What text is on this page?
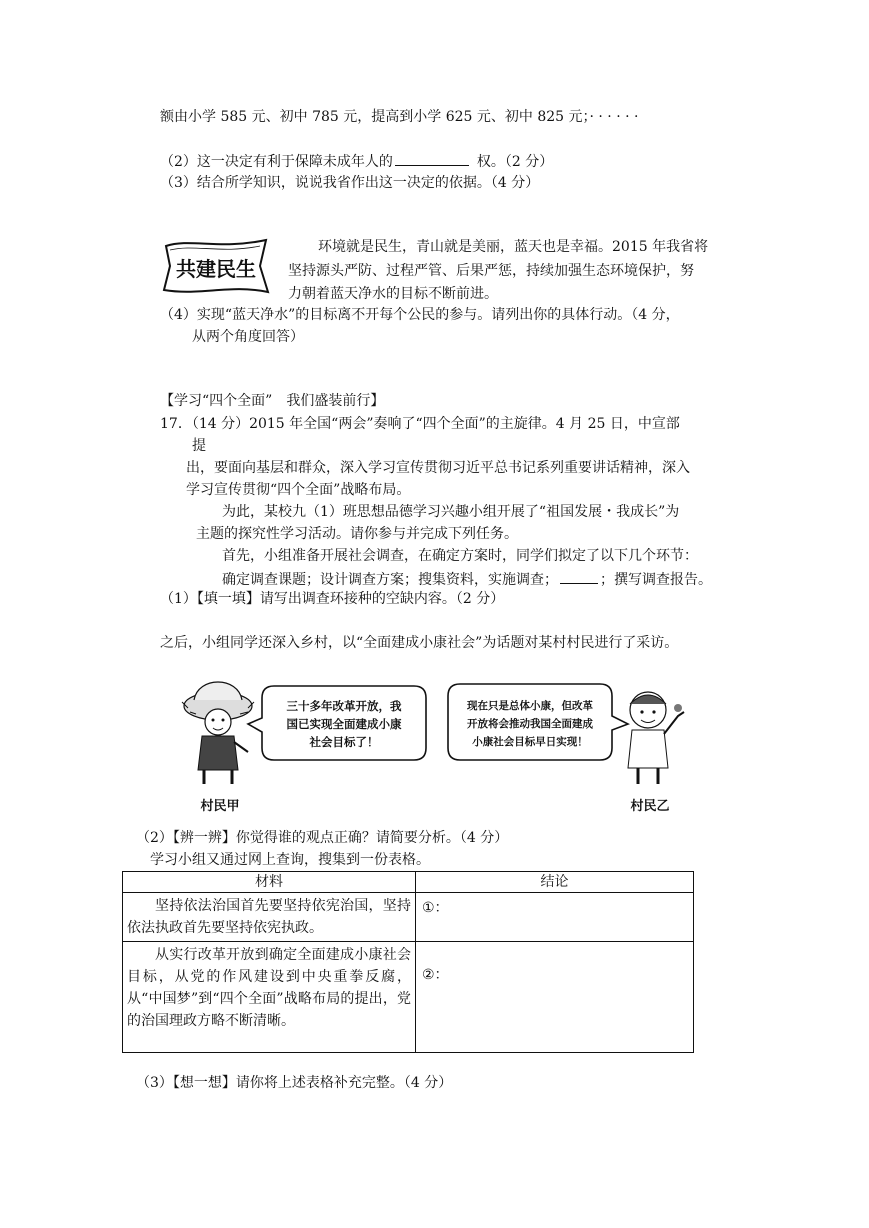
额由小学 585 元、初中 785 元，提高到小学 625 元、初中 825 元；· · · · · ·
（2）这一决定有利于保障未成年人的	权。（2 分）
（3）结合所学知识，说说我省作出这一决定的依据。（4 分）
共建民生
环境就是民生，青山就是美丽，蓝天也是幸福。2015 年我省将
坚持源头严防、过程严管、后果严惩，持续加强生态环境保护，努
力朝着蓝天净水的目标不断前进。
（4）实现“蓝天净水”的目标离不开每个公民的参与。请列出你的具体行动。（4 分，
从两个角度回答）
【学习“四个全面”　我们盛装前行】
17．（14 分）2015 年全国“两会”奏响了“四个全面”的主旋律。4 月 25 日，中宣部
提
出，要面向基层和群众，深入学习宣传贯彻习近平总书记系列重要讲话精神，深入
学习宣传贯彻“四个全面”战略布局。
为此，某校九（1）班思想品德学习兴趣小组开展了“祖国发展・我成长”为
主题的探究性学习活动。请你参与并完成下列任务。
首先，小组准备开展社会调查，在确定方案时，同学们拟定了以下几个环节：
确定调查课题；设计调查方案；搜集资料，实施调查；	；撰写调查报告。
（1）【填一填】请写出调查环接种的空缺内容。（2 分）
之后，小组同学还深入乡村，以“全面建成小康社会”为话题对某村村民进行了采访。
三十多年改革开放，我
国已实现全面建成小康
社会目标了！
现在只是总体小康，但改革
开放将会推动我国全面建成
小康社会目标早日实现！
村民甲	村民乙
（2）【辨一辨】你觉得谁的观点正确？请简要分析。（4 分）
学习小组又通过网上查询，搜集到一份表格。
材料	结论
坚持依法治国首先要坚持依宪治国，坚持依法执政首先要坚持依宪执政。	①：
从实行改革开放到确定全面建成小康社会目标，从党的作风建设到中央重拳反腐，从“中国梦”到“四个全面”战略布局的提出，党的治国理政方略不断清晰。	②：
（3）【想一想】请你将上述表格补充完整。（4 分）
